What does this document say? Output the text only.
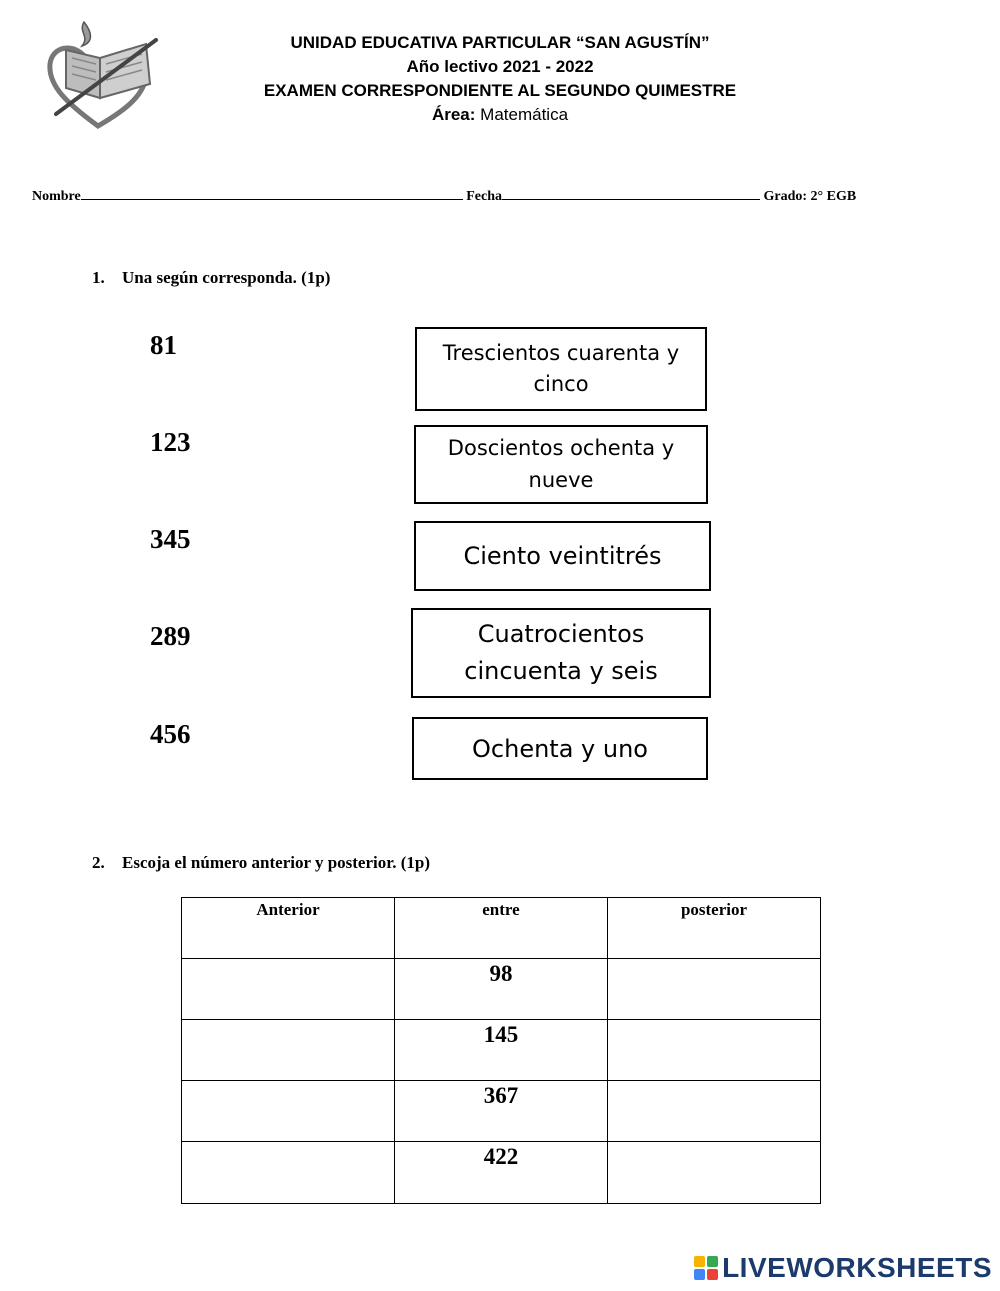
UNIDAD EDUCATIVA PARTICULAR “SAN AGUSTÍN”
Año lectivo 2021 - 2022
EXAMEN CORRESPONDIENTE AL SEGUNDO QUIMESTRE
Área: Matemática
Nombre	Fecha	Grado: 2° EGB
1. Una según corresponda. (1p)
81
123
345
289
456
Trescientos cuarenta y cinco
Doscientos ochenta y nueve
Ciento veintitrés
Cuatrocientos cincuenta y seis
Ochenta y uno
2. Escoja el número anterior y posterior. (1p)
Anterior	entre	posterior
	98	
	145	
	367	
	422	
LIVEWORKSHEETS
